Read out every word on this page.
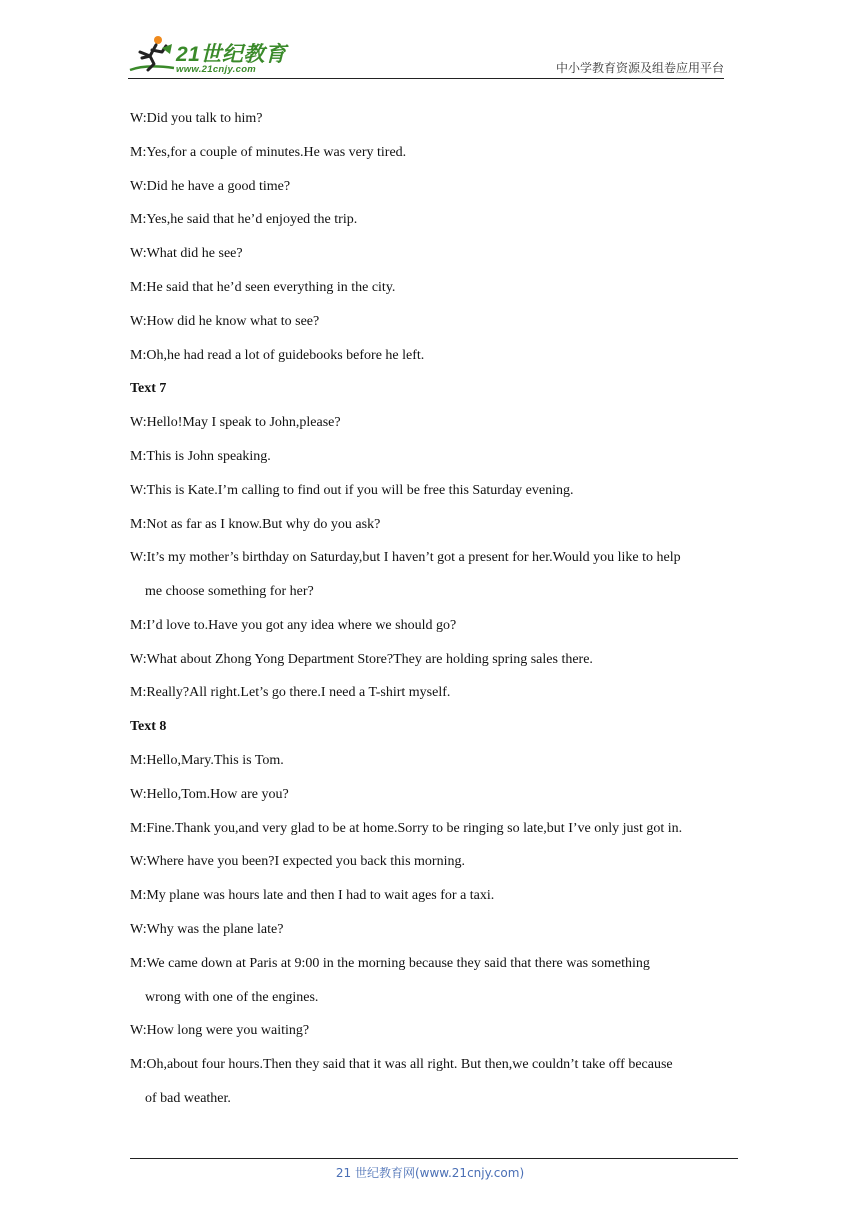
21世纪教育
www.21cnjy.com	中小学教育资源及组卷应用平台

W:Did you talk to him?

M:Yes,for a couple of minutes.He was very tired.

W:Did he have a good time?

M:Yes,he said that he’d enjoyed the trip.

W:What did he see?

M:He said that he’d seen everything in the city.

W:How did he know what to see?

M:Oh,he had read a lot of guidebooks before he left.

Text 7

W:Hello!May I speak to John,please?

M:This is John speaking.

W:This is Kate.I’m calling to find out if you will be free this Saturday evening.

M:Not as far as I know.But why do you ask?

W:It’s my mother’s birthday on Saturday,but I haven’t got a present for her.Would you like to help

me choose something for her?

M:I’d love to.Have you got any idea where we should go?

W:What about Zhong Yong Department Store?They are holding spring sales there.

M:Really?All right.Let’s go there.I need a T-shirt myself.

Text 8

M:Hello,Mary.This is Tom.

W:Hello,Tom.How are you?

M:Fine.Thank you,and very glad to be at home.Sorry to be ringing so late,but I’ve only just got in.

W:Where have you been?I expected you back this morning.

M:My plane was hours late and then I had to wait ages for a taxi.

W:Why was the plane late?

M:We came down at Paris at 9:00 in the morning because they said that there was something

wrong with one of the engines.

W:How long were you waiting?

M:Oh,about four hours.Then they said that it was all right. But then,we couldn’t take off because

of bad weather.

21 世纪教育网(www.21cnjy.com)
